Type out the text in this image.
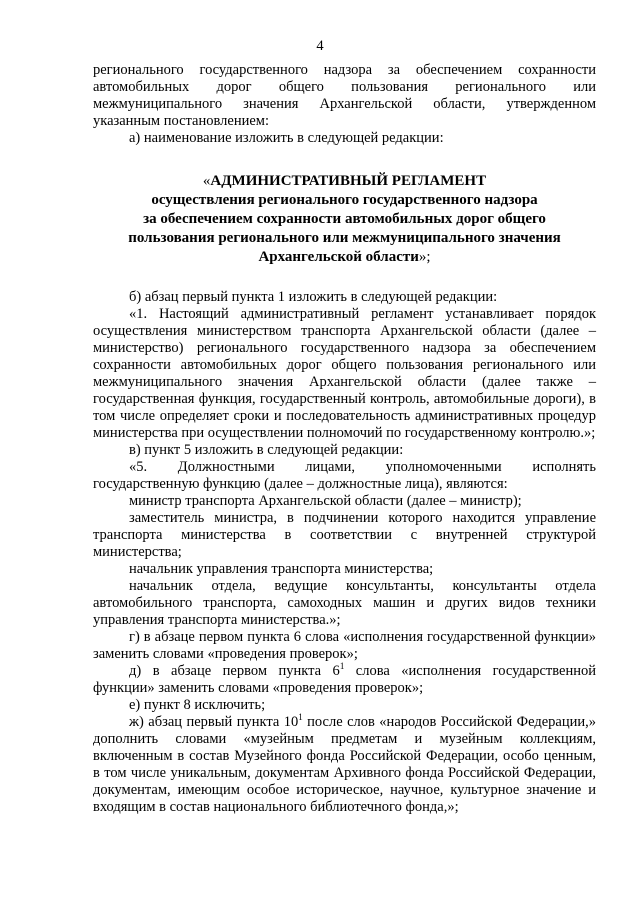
4

регионального государственного надзора за обеспечением сохранности автомобильных дорог общего пользования регионального или межмуниципального значения Архангельской области, утвержденном указанным постановлением:

а) наименование изложить в следующей редакции:

«АДМИНИСТРАТИВНЫЙ РЕГЛАМЕНТ
осуществления регионального государственного надзора
за обеспечением сохранности автомобильных дорог общего
пользования регионального или межмуниципального значения
Архангельской области»;

б) абзац первый пункта 1 изложить в следующей редакции:

«1. Настоящий административный регламент устанавливает порядок осуществления министерством транспорта Архангельской области (далее – министерство) регионального государственного надзора за обеспечением сохранности автомобильных дорог общего пользования регионального или межмуниципального значения Архангельской области (далее также – государственная функция, государственный контроль, автомобильные дороги), в том числе определяет сроки и последовательность административных процедур министерства при осуществлении полномочий по государственному контролю.»;

в) пункт 5 изложить в следующей редакции:

«5. Должностными лицами, уполномоченными исполнять государственную функцию (далее – должностные лица), являются:

министр транспорта Архангельской области (далее – министр);

заместитель министра, в подчинении которого находится управление транспорта министерства в соответствии с внутренней структурой министерства;

начальник управления транспорта министерства;

начальник отдела, ведущие консультанты, консультанты отдела автомобильного транспорта, самоходных машин и других видов техники управления транспорта министерства.»;

г) в абзаце первом пункта 6 слова «исполнения государственной функции» заменить словами «проведения проверок»;

д) в абзаце первом пункта $6^1$ слова «исполнения государственной функции» заменить словами «проведения проверок»;

е) пункт 8 исключить;

ж) абзац первый пункта $10^1$ после слов «народов Российской Федерации,» дополнить словами «музейным предметам и музейным коллекциям, включенным в состав Музейного фонда Российской Федерации, особо ценным, в том числе уникальным, документам Архивного фонда Российской Федерации, документам, имеющим особое историческое, научное, культурное значение и входящим в состав национального библиотечного фонда,»;
